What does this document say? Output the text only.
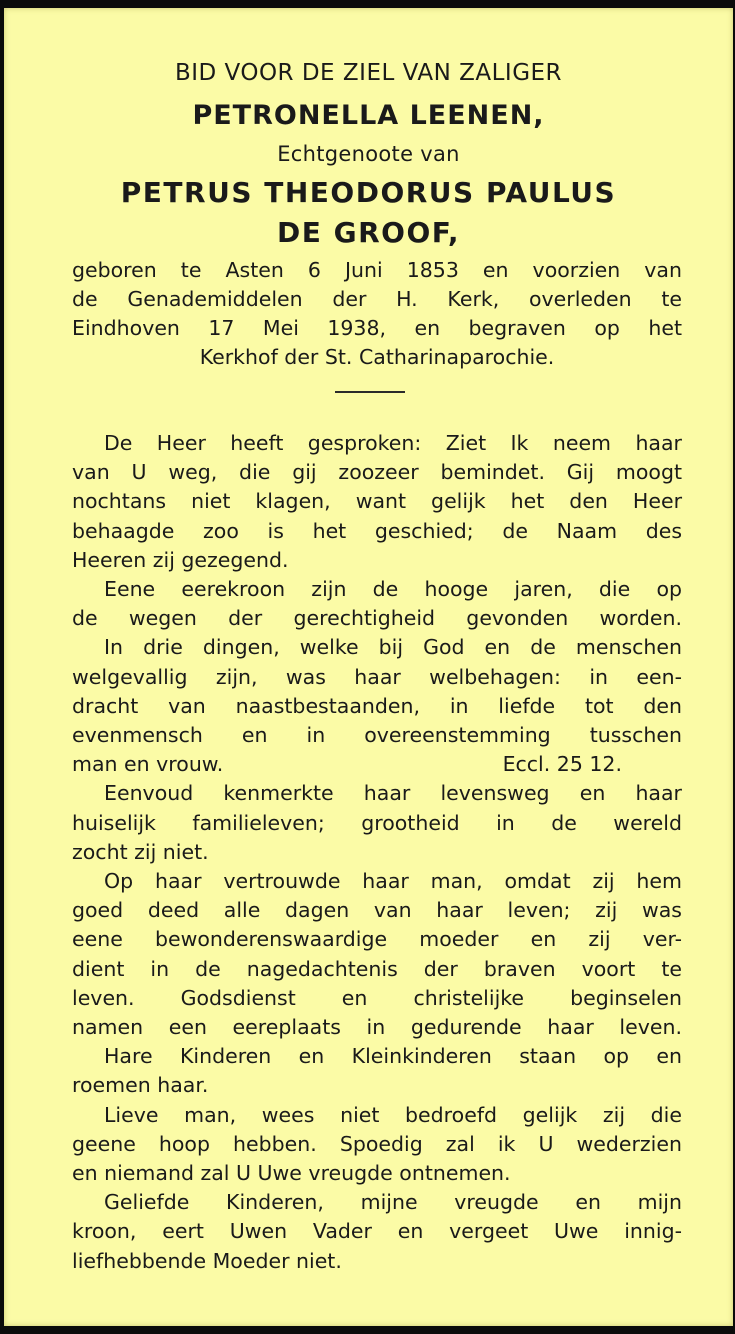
BID VOOR DE ZIEL VAN ZALIGER
PETRONELLA LEENEN,
Echtgenoote van
PETRUS THEODORUS PAULUS
DE GROOF,
geboren te Asten 6 Juni 1853 en voorzien van
de Genademiddelen der H. Kerk, overleden te
Eindhoven 17 Mei 1938, en begraven op het
Kerkhof der St. Catharinaparochie.
De Heer heeft gesproken: Ziet Ik neem haar
van U weg, die gij zoozeer bemindet. Gij moogt
nochtans niet klagen, want gelijk het den Heer
behaagde zoo is het geschied; de Naam des
Heeren zij gezegend.
Eene eerekroon zijn de hooge jaren, die op
de wegen der gerechtigheid gevonden worden.
In drie dingen, welke bij God en de menschen
welgevallig zijn, was haar welbehagen: in een-
dracht van naastbestaanden, in liefde tot den
evenmensch en in overeenstemming tusschen
man en vrouw.	Eccl. 25 12.
Eenvoud kenmerkte haar levensweg en haar
huiselijk familieleven; grootheid in de wereld
zocht zij niet.
Op haar vertrouwde haar man, omdat zij hem
goed deed alle dagen van haar leven; zij was
eene bewonderenswaardige moeder en zij ver-
dient in de nagedachtenis der braven voort te
leven. Godsdienst en christelijke beginselen
namen een eereplaats in gedurende haar leven.
Hare Kinderen en Kleinkinderen staan op en
roemen haar.
Lieve man, wees niet bedroefd gelijk zij die
geene hoop hebben. Spoedig zal ik U wederzien
en niemand zal U Uwe vreugde ontnemen.
Geliefde Kinderen, mijne vreugde en mijn
kroon, eert Uwen Vader en vergeet Uwe innig-
liefhebbende Moeder niet.
